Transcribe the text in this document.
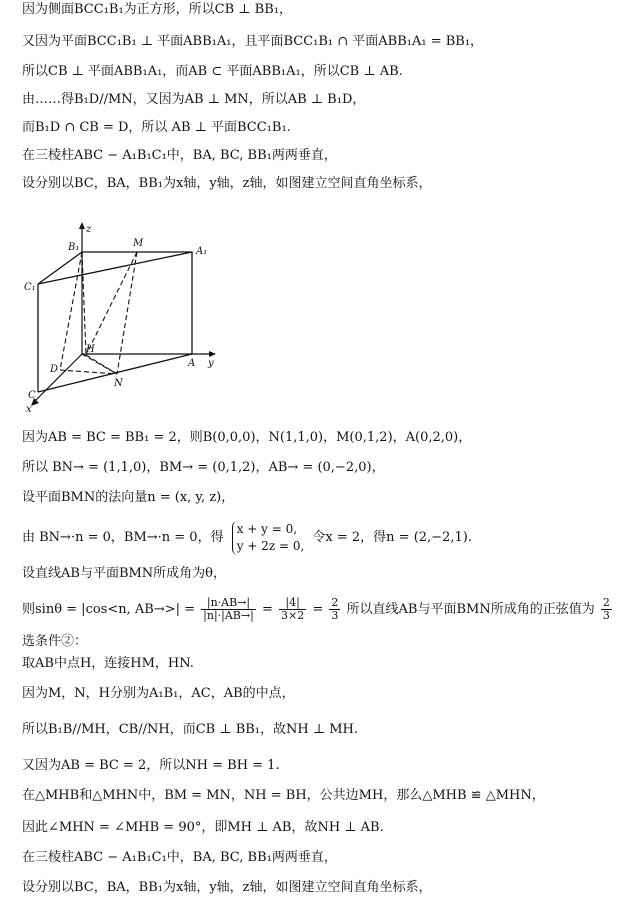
因为侧面BCC₁B₁为正方形，所以CB ⊥ BB₁，
又因为平面BCC₁B₁ ⊥ 平面ABB₁A₁，且平面BCC₁B₁ ∩ 平面ABB₁A₁ = BB₁，
所以CB ⊥ 平面ABB₁A₁，而AB ⊂ 平面ABB₁A₁，所以CB ⊥ AB.
由……得B₁D//MN，又因为AB ⊥ MN，所以AB ⊥ B₁D，
而B₁D ∩ CB = D，所以 AB ⊥ 平面BCC₁B₁.
在三棱柱ABC − A₁B₁C₁中，BA, BC, BB₁两两垂直，
设分别以BC，BA，BB₁为x轴，y轴，z轴，如图建立空间直角坐标系，
z
B₁	M
A₁
C₁
H
D
N
A y
C
x
因为AB = BC = BB₁ = 2，则B(0,0,0)，N(1,1,0)，M(0,1,2)，A(0,2,0)，
所以 BN→ = (1,1,0)，BM→ = (0,1,2)，AB→ = (0,−2,0)，
设平面BMN的法向量n = (x, y, z)，
由 BN→·n = 0，BM→·n = 0，得
x + y = 0,
y + 2z = 0,
令x = 2，得n = (2,−2,1).
设直线AB与平面BMN所成角为θ，
则sinθ = |cos<n, $AB\to>| = \frac{|n\cdot AB\to|}{|n|\cdot|AB\to|} = \frac{|4|}{3\times 2} = \frac{2}{3}$ 所以直线AB与平面BMN所成角的正弦值为 $\frac{2}{3}$
选条件②：
取AB中点H，连接HM，HN.
因为M，N，H分别为A₁B₁，AC，AB的中点，
所以B₁B//MH，CB//NH，而CB ⊥ BB₁，故NH ⊥ MH.
又因为AB = BC = 2，所以NH = BH = 1.
在△MHB和△MHN中，BM = MN，NH = BH，公共边MH，那么△MHB ≌ △MHN，
因此∠MHN = ∠MHB = 90°，即MH ⊥ AB，故NH ⊥ AB.
在三棱柱ABC − A₁B₁C₁中，BA, BC, BB₁两两垂直，
设分别以BC，BA，BB₁为x轴，y轴，z轴，如图建立空间直角坐标系，
